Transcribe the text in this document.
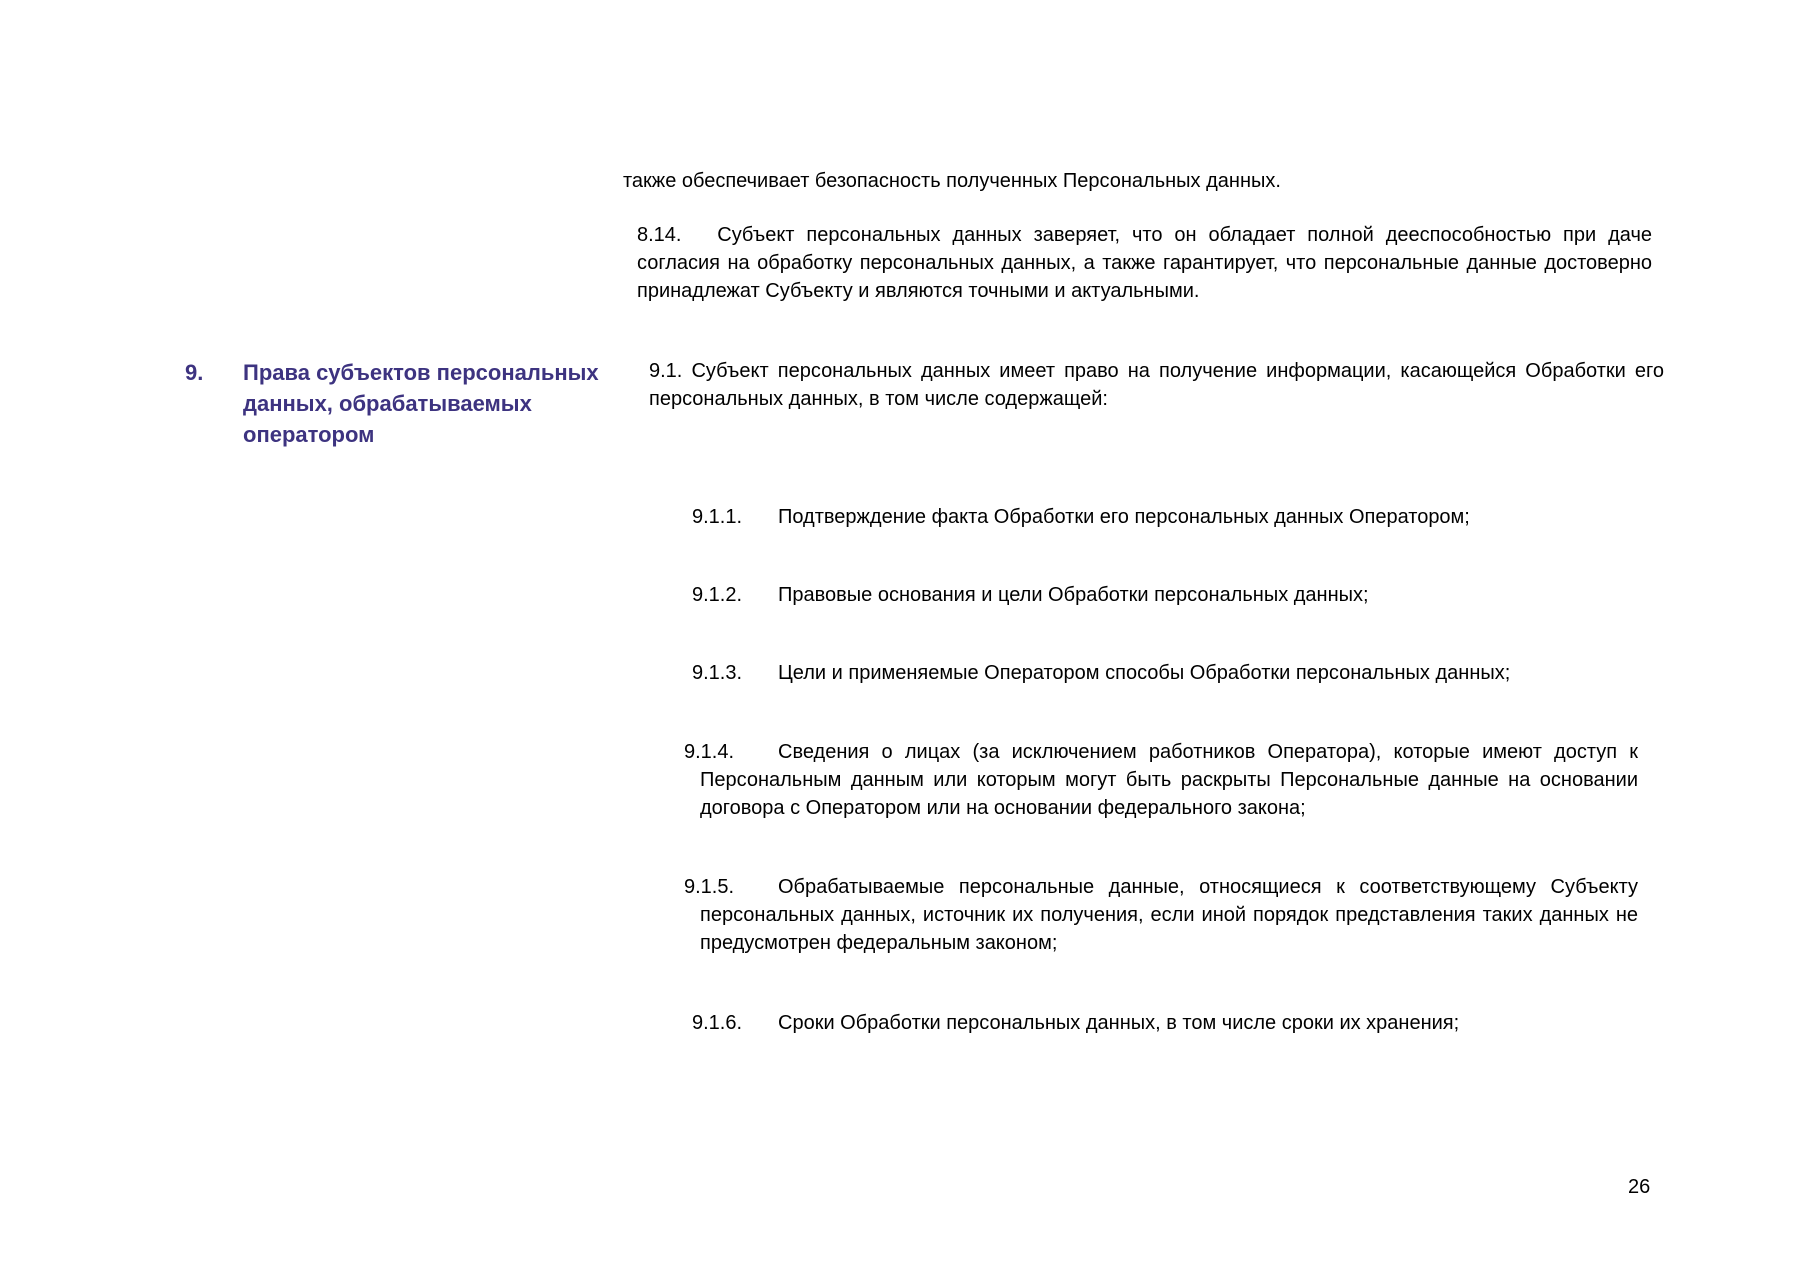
также обеспечивает безопасность полученных Персональных данных.

8.14. Субъект персональных данных заверяет, что он обладает полной дееспособностью при даче согласия на обработку персональных данных, а также гарантирует, что персональные данные достоверно принадлежат Субъекту и являются точными и актуальными.

9. Права субъектов персональных данных, обрабатываемых оператором

9.1. Субъект персональных данных имеет право на получение информации, касающейся Обработки его персональных данных, в том числе содержащей:

9.1.1. Подтверждение факта Обработки его персональных данных Оператором;

9.1.2. Правовые основания и цели Обработки персональных данных;

9.1.3. Цели и применяемые Оператором способы Обработки персональных данных;

9.1.4. Сведения о лицах (за исключением работников Оператора), которые имеют доступ к Персональным данным или которым могут быть раскрыты Персональные данные на основании договора с Оператором или на основании федерального закона;

9.1.5. Обрабатываемые персональные данные, относящиеся к соответствующему Субъекту персональных данных, источник их получения, если иной порядок представления таких данных не предусмотрен федеральным законом;

9.1.6. Сроки Обработки персональных данных, в том числе сроки их хранения;

26
